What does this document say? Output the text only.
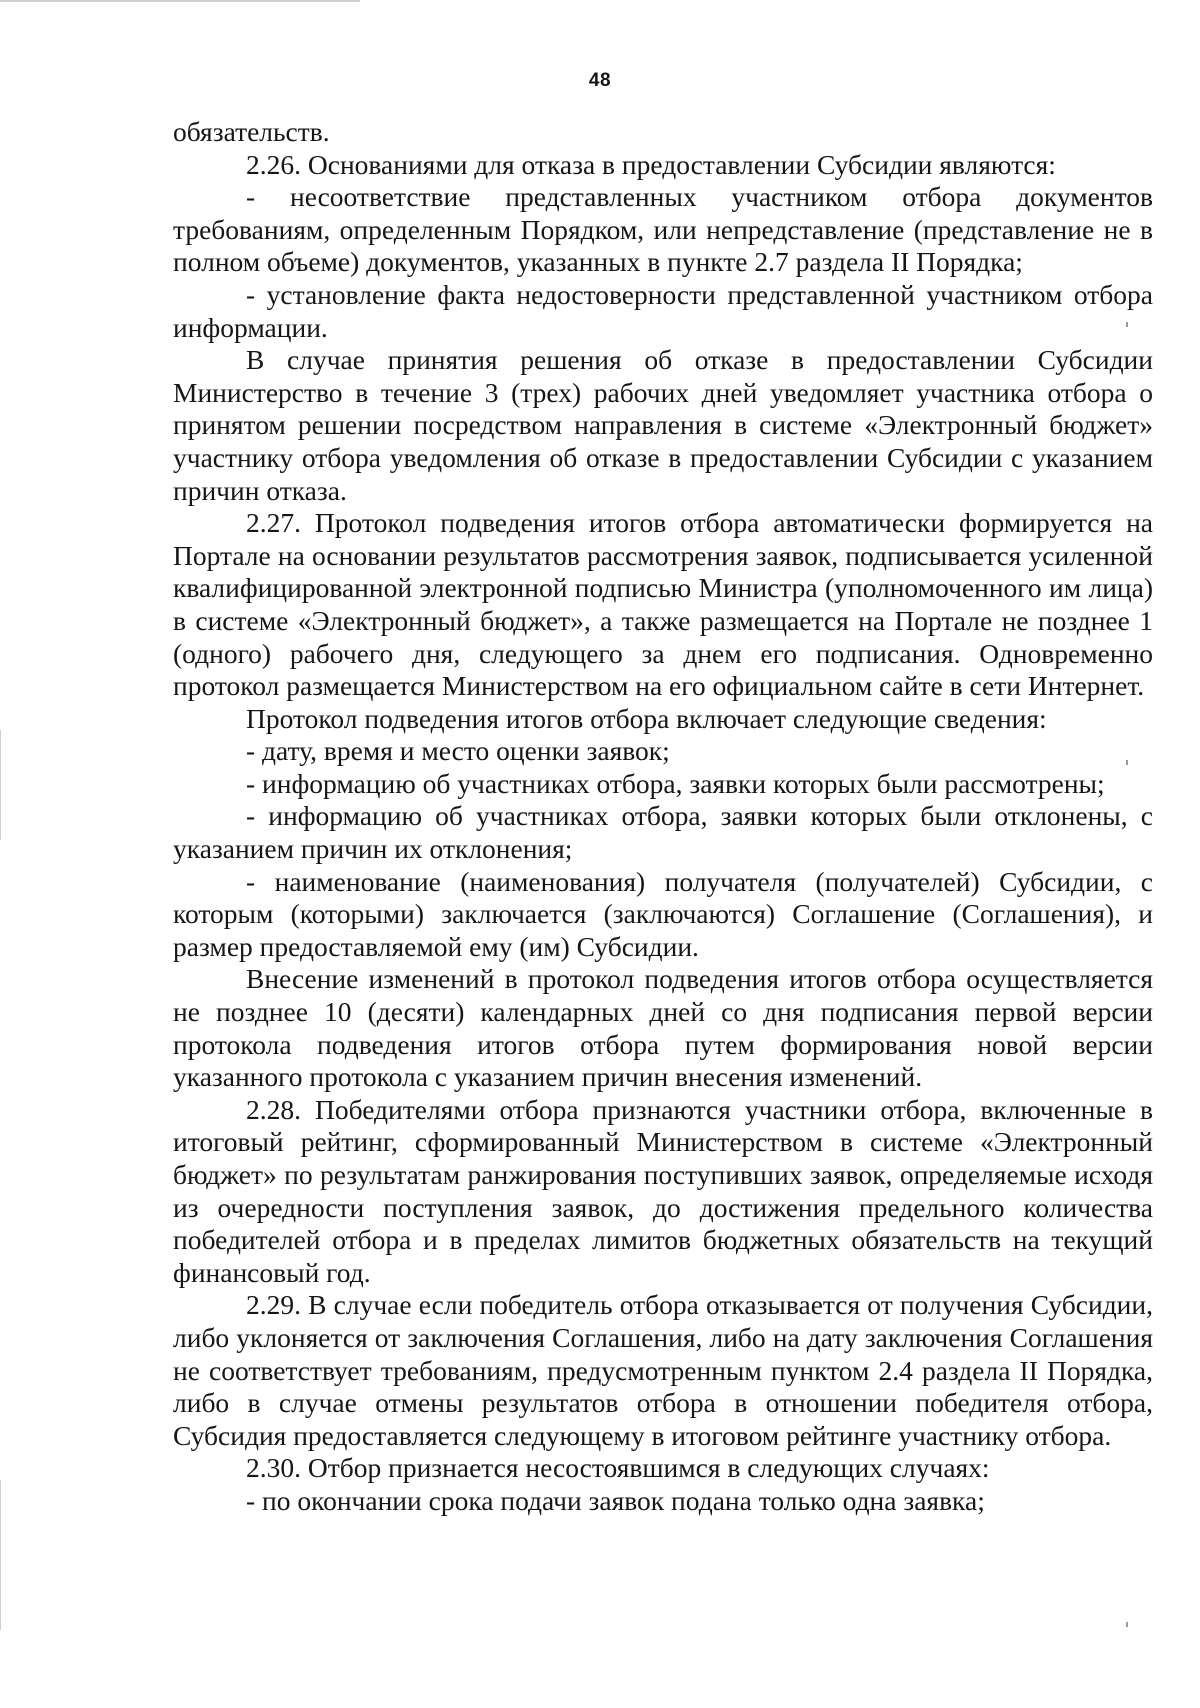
48

обязательств.

2.26. Основаниями для отказа в предоставлении Субсидии являются:

- несоответствие представленных участником отбора документов требованиям, определенным Порядком, или непредставление (представление не в полном объеме) документов, указанных в пункте 2.7 раздела II Порядка;

- установление факта недостоверности представленной участником отбора информации.

В случае принятия решения об отказе в предоставлении Субсидии Министерство в течение 3 (трех) рабочих дней уведомляет участника отбора о принятом решении посредством направления в системе «Электронный бюджет» участнику отбора уведомления об отказе в предоставлении Субсидии с указанием причин отказа.

2.27. Протокол подведения итогов отбора автоматически формируется на Портале на основании результатов рассмотрения заявок, подписывается усиленной квалифицированной электронной подписью Министра (уполномоченного им лица) в системе «Электронный бюджет», а также размещается на Портале не позднее 1 (одного) рабочего дня, следующего за днем его подписания. Одновременно протокол размещается Министерством на его официальном сайте в сети Интернет.

Протокол подведения итогов отбора включает следующие сведения:

- дату, время и место оценки заявок;

- информацию об участниках отбора, заявки которых были рассмотрены;

- информацию об участниках отбора, заявки которых были отклонены, с указанием причин их отклонения;

- наименование (наименования) получателя (получателей) Субсидии, с которым (которыми) заключается (заключаются) Соглашение (Соглашения), и размер предоставляемой ему (им) Субсидии.

Внесение изменений в протокол подведения итогов отбора осуществляется не позднее 10 (десяти) календарных дней со дня подписания первой версии протокола подведения итогов отбора путем формирования новой версии указанного протокола с указанием причин внесения изменений.

2.28. Победителями отбора признаются участники отбора, включенные в итоговый рейтинг, сформированный Министерством в системе «Электронный бюджет» по результатам ранжирования поступивших заявок, определяемые исходя из очередности поступления заявок, до достижения предельного количества победителей отбора и в пределах лимитов бюджетных обязательств на текущий финансовый год.

2.29. В случае если победитель отбора отказывается от получения Субсидии, либо уклоняется от заключения Соглашения, либо на дату заключения Соглашения не соответствует требованиям, предусмотренным пунктом 2.4 раздела II Порядка, либо в случае отмены результатов отбора в отношении победителя отбора, Субсидия предоставляется следующему в итоговом рейтинге участнику отбора.

2.30. Отбор признается несостоявшимся в следующих случаях:

- по окончании срока подачи заявок подана только одна заявка;
